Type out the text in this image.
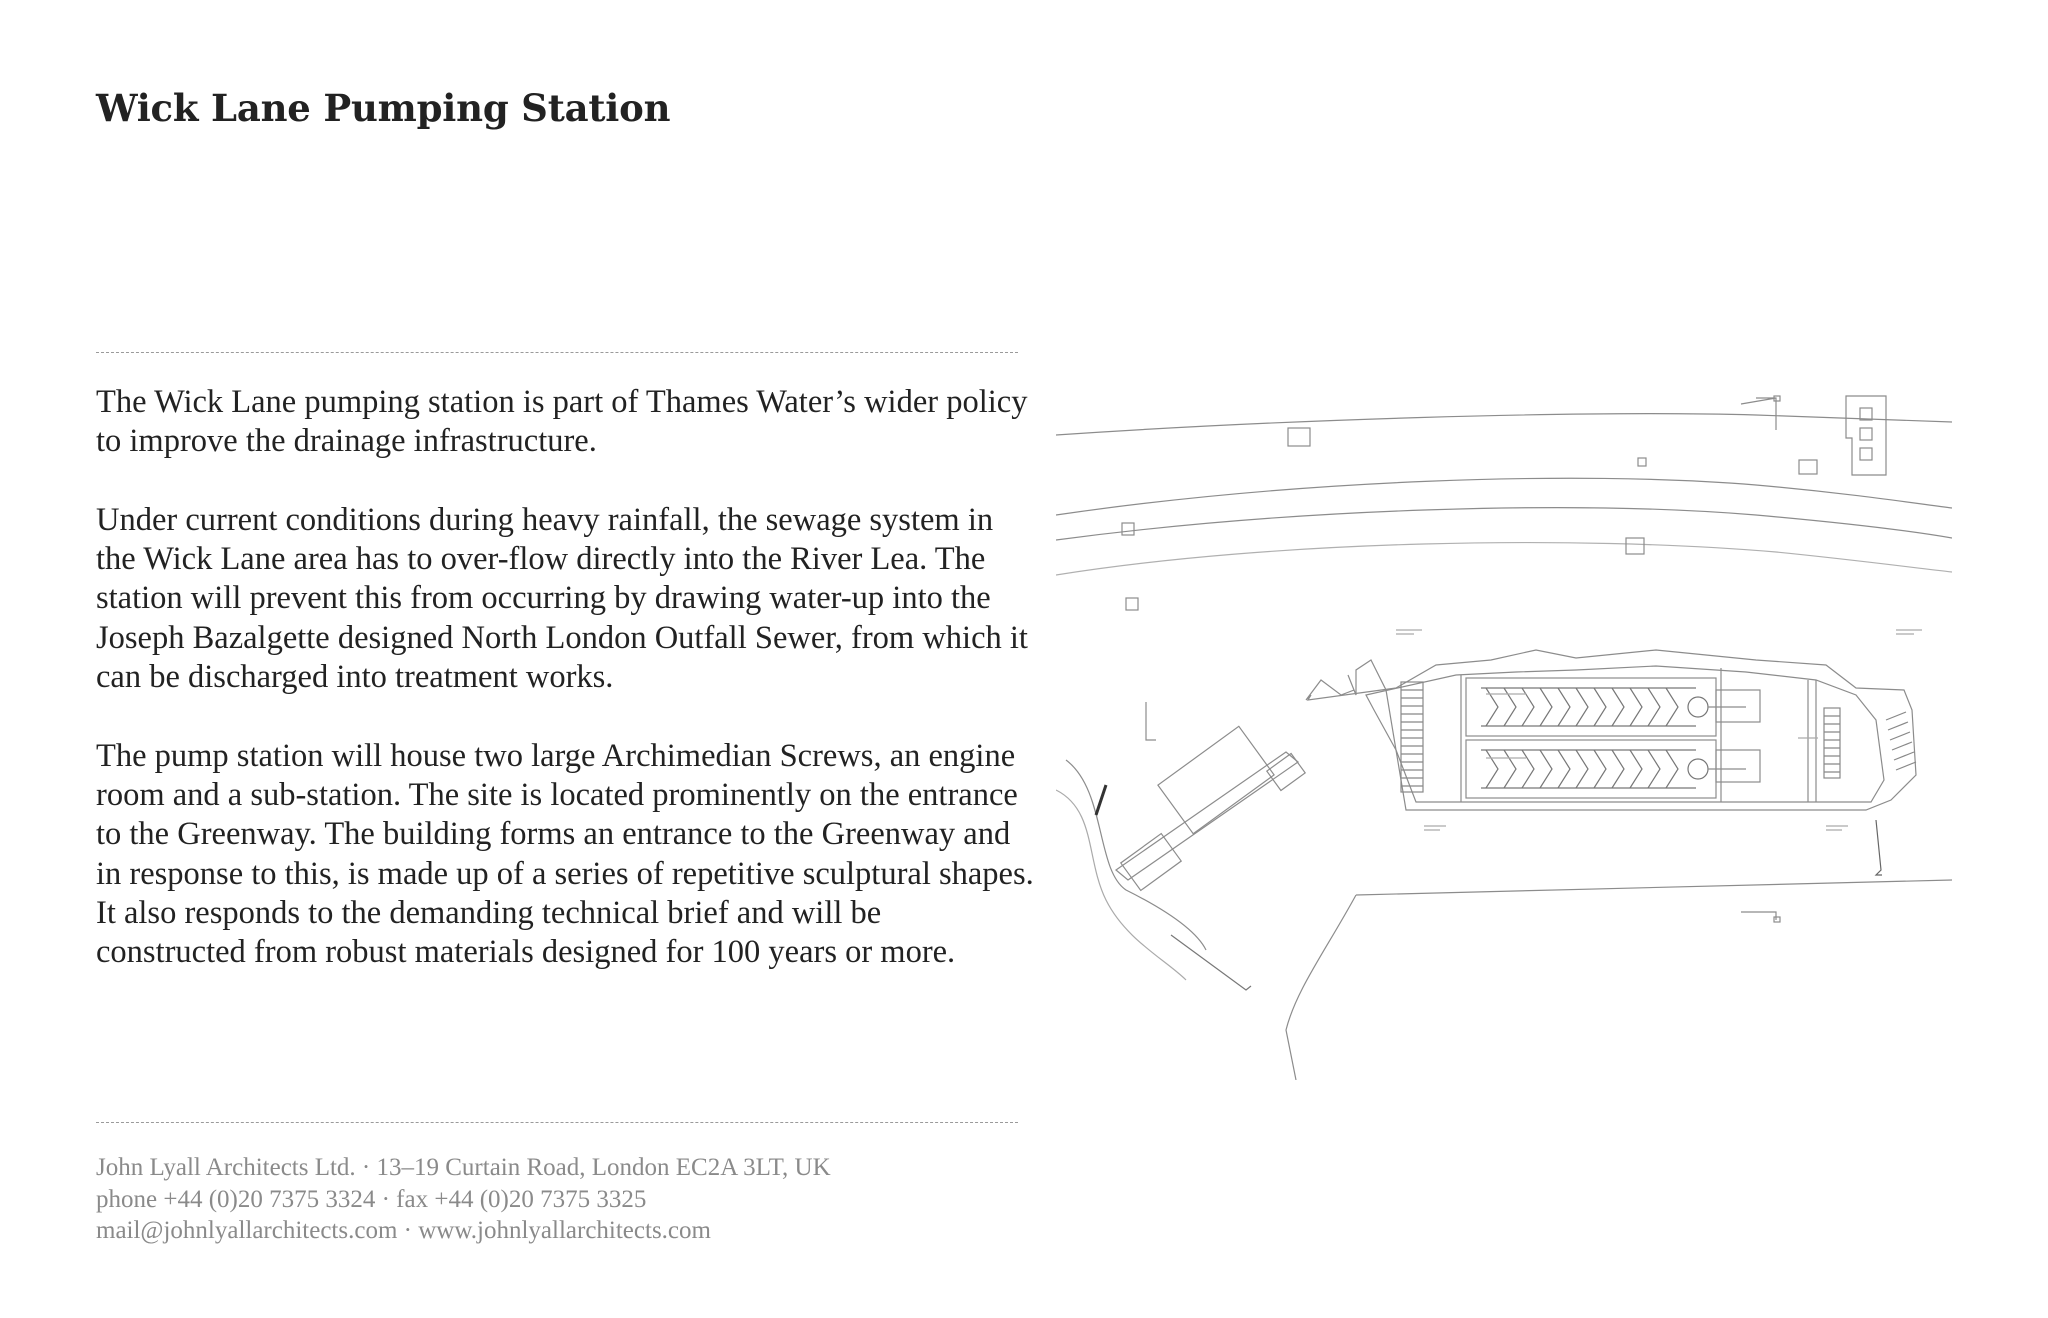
Wick Lane Pumping Station

The Wick Lane pumping station is part of Thames Water’s wider policy to improve the drainage infrastructure.

Under current conditions during heavy rainfall, the sewage system in the Wick Lane area has to over-flow directly into the River Lea. The station will prevent this from occurring by drawing water-up into the Joseph Bazalgette designed North London Outfall Sewer, from which it can be discharged into treatment works.

The pump station will house two large Archimedian Screws, an engine room and a sub-station. The site is located prominently on the entrance to the Greenway. The building forms an entrance to the Greenway and in response to this, is made up of a series of repetitive sculptural shapes. It also responds to the demanding technical brief and will be constructed from robust materials designed for 100 years or more.

John Lyall Architects Ltd. · 13–19 Curtain Road, London EC2A 3LT, UK
phone +44 (0)20 7375 3324 · fax +44 (0)20 7375 3325
mail@johnlyallarchitects.com · www.johnlyallarchitects.com
